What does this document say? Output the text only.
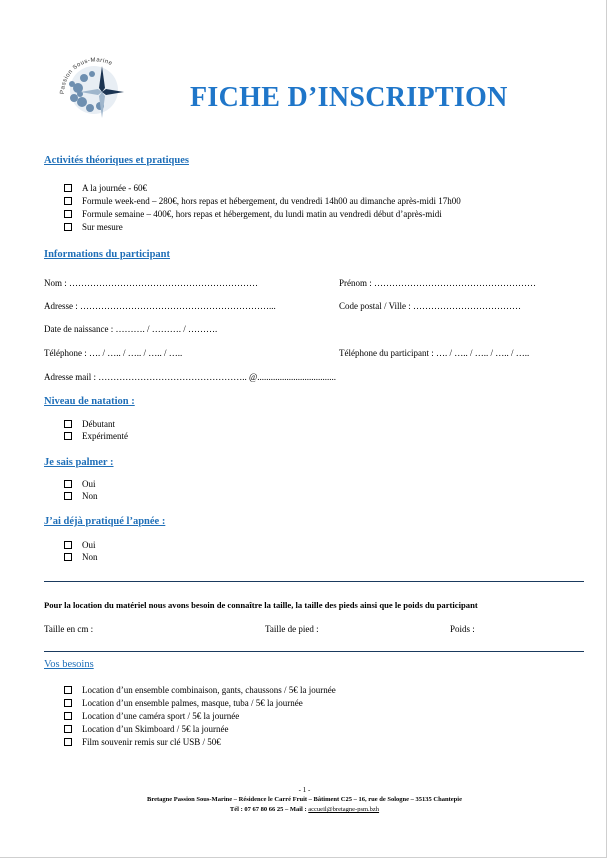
Passion Sous-Marine
FICHE D’INSCRIPTION
Activités théoriques et pratiques
A la journée - 60€
Formule week-end – 280€, hors repas et hébergement, du vendredi 14h00 au dimanche après-midi 17h00
Formule semaine – 400€, hors repas et hébergement, du lundi matin au vendredi début d’après-midi
Sur mesure
Informations du participant
Nom : ………………………………………………………	Prénom : ………………………………………………
Adresse : ………………………………………………………...	Code postal / Ville : ………………………………
Date de naissance : ………. / ………. / ……….
Téléphone : …. / ….. / ….. / ….. / …..	Téléphone du participant : …. / ….. / ….. / ….. / …..
Adresse mail : ………………………………………….. @...................................
Niveau de natation :
Débutant
Expérimenté
Je sais palmer :
Oui
Non
J’ai déjà pratiqué l’apnée :
Oui
Non
Pour la location du matériel nous avons besoin de connaître la taille, la taille des pieds ainsi que le poids du participant
Taille en cm :	Taille de pied :	Poids :
Vos besoins
Location d’un ensemble combinaison, gants, chaussons / 5€ la journée
Location d’un ensemble palmes, masque, tuba / 5€ la journée
Location d’une caméra sport / 5€ la journée
Location d’un Skimboard / 5€ la journée
Film souvenir remis sur clé USB / 50€
- 1 -
Bretagne Passion Sous-Marine – Résidence le Carré Fruit – Bâtiment C25 – 16, rue de Sologne – 35135 Chantepie
Tél : 07 67 80 66 25 – Mail : accueil@bretagne-psm.bzh
